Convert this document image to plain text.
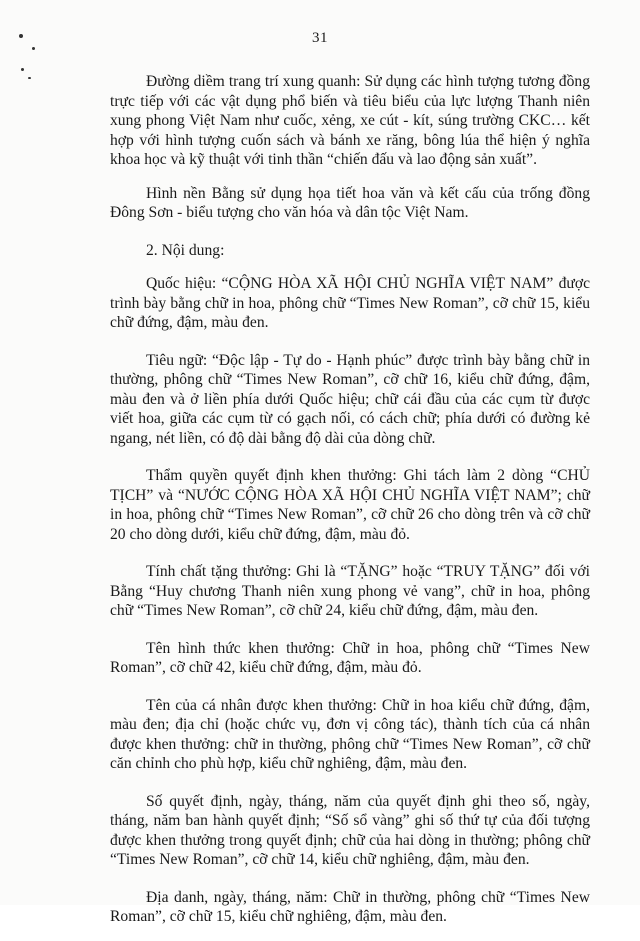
31

Đường diềm trang trí xung quanh: Sử dụng các hình tượng tương đồng trực tiếp với các vật dụng phổ biến và tiêu biểu của lực lượng Thanh niên xung phong Việt Nam như cuốc, xẻng, xe cút - kít, súng trường CKC… kết hợp với hình tượng cuốn sách và bánh xe răng, bông lúa thể hiện ý nghĩa khoa học và kỹ thuật với tinh thần “chiến đấu và lao động sản xuất”.

Hình nền Bằng sử dụng họa tiết hoa văn và kết cấu của trống đồng Đông Sơn - biểu tượng cho văn hóa và dân tộc Việt Nam.

2. Nội dung:

Quốc hiệu: “CỘNG HÒA XÃ HỘI CHỦ NGHĨA VIỆT NAM” được trình bày bằng chữ in hoa, phông chữ “Times New Roman”, cỡ chữ 15, kiểu chữ đứng, đậm, màu đen.

Tiêu ngữ: “Độc lập - Tự do - Hạnh phúc” được trình bày bằng chữ in thường, phông chữ “Times New Roman”, cỡ chữ 16, kiểu chữ đứng, đậm, màu đen và ở liền phía dưới Quốc hiệu; chữ cái đầu của các cụm từ được viết hoa, giữa các cụm từ có gạch nối, có cách chữ; phía dưới có đường kẻ ngang, nét liền, có độ dài bằng độ dài của dòng chữ.

Thẩm quyền quyết định khen thưởng: Ghi tách làm 2 dòng “CHỦ TỊCH” và “NƯỚC CỘNG HÒA XÃ HỘI CHỦ NGHĨA VIỆT NAM”; chữ in hoa, phông chữ “Times New Roman”, cỡ chữ 26 cho dòng trên và cỡ chữ 20 cho dòng dưới, kiểu chữ đứng, đậm, màu đỏ.

Tính chất tặng thưởng: Ghi là “TẶNG” hoặc “TRUY TẶNG” đối với Bằng “Huy chương Thanh niên xung phong vẻ vang”, chữ in hoa, phông chữ “Times New Roman”, cỡ chữ 24, kiểu chữ đứng, đậm, màu đen.

Tên hình thức khen thưởng: Chữ in hoa, phông chữ “Times New Roman”, cỡ chữ 42, kiểu chữ đứng, đậm, màu đỏ.

Tên của cá nhân được khen thưởng: Chữ in hoa kiểu chữ đứng, đậm, màu đen; địa chỉ (hoặc chức vụ, đơn vị công tác), thành tích của cá nhân được khen thưởng: chữ in thường, phông chữ “Times New Roman”, cỡ chữ căn chỉnh cho phù hợp, kiểu chữ nghiêng, đậm, màu đen.

Số quyết định, ngày, tháng, năm của quyết định ghi theo số, ngày, tháng, năm ban hành quyết định; “Số sổ vàng” ghi số thứ tự của đối tượng được khen thưởng trong quyết định; chữ của hai dòng in thường; phông chữ “Times New Roman”, cỡ chữ 14, kiểu chữ nghiêng, đậm, màu đen.

Địa danh, ngày, tháng, năm: Chữ in thường, phông chữ “Times New Roman”, cỡ chữ 15, kiểu chữ nghiêng, đậm, màu đen.
